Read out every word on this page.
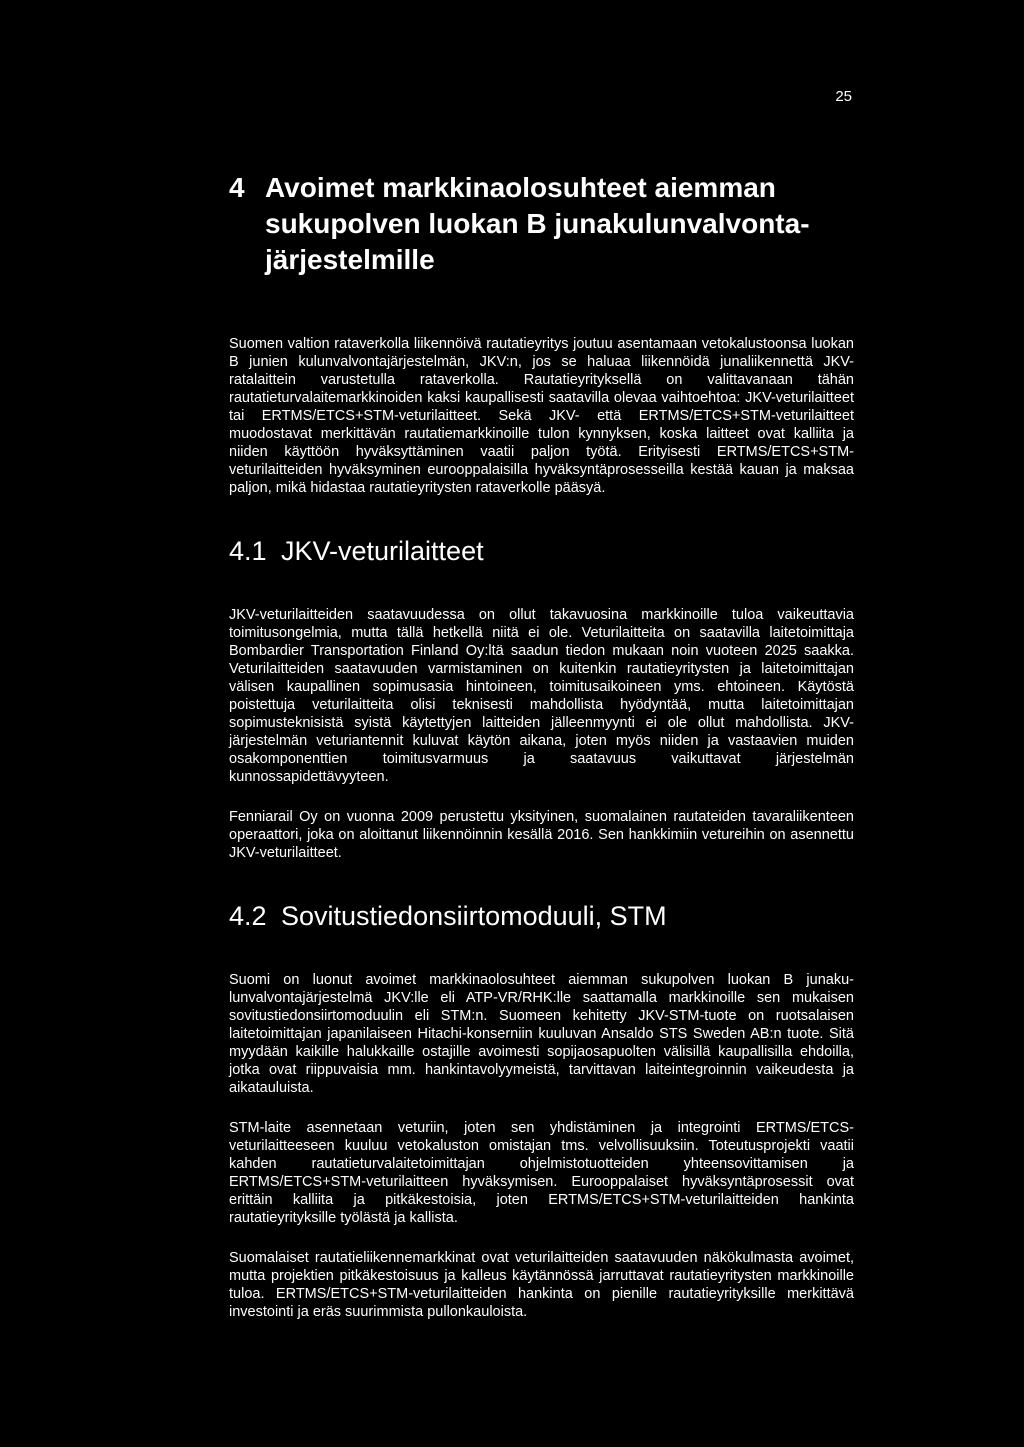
25
4 Avoimet markkinaolosuhteet aiemman sukupolven luokan B junakulunvalvontajärjestelmille

Suomen valtion rataverkolla liikennöivä rautatieyritys joutuu asentamaan vetokalustoonsa luokan B junien kulunvalvontajärjestelmän, JKV:n, jos se haluaa liikennöidä junaliikennettä JKV-ratalaittein varustetulla rataverkolla. Rautatieyrityksellä on valittavanaan tähän rautatieturvalaitemarkkinoiden kaksi kaupallisesti saatavilla olevaa vaihtoehtoa: JKV-veturilaitteet tai ERTMS/ETCS+STM-veturilaitteet. Sekä JKV- että ERTMS/ETCS+STM-veturilaitteet muodostavat merkittävän rautatiemarkkinoille tulon kynnyksen, koska laitteet ovat kalliita ja niiden käyttöön hyväksyttäminen vaatii paljon työtä. Erityisesti ERTMS/ETCS+STM-veturilaitteiden hyväksyminen eurooppalaisilla hyväksyntäprosesseilla kestää kauan ja maksaa paljon, mikä hidastaa rautatieyritysten rataverkolle pääsyä.

4.1 JKV-veturilaitteet

JKV-veturilaitteiden saatavuudessa on ollut takavuosina markkinoille tuloa vaikeuttavia toimitusongelmia, mutta tällä hetkellä niitä ei ole. Veturilaitteita on saatavilla laitetoimittaja Bombardier Transportation Finland Oy:ltä saadun tiedon mukaan noin vuoteen 2025 saakka. Veturilaitteiden saatavuuden varmistaminen on kuitenkin rautatieyritysten ja laitetoimittajan välisen kaupallinen sopimusasia hintoineen, toimitusaikoineen yms. ehtoineen. Käytöstä poistettuja veturilaitteita olisi teknisesti mahdollista hyödyntää, mutta laitetoimittajan sopimusteknisistä syistä käytettyjen laitteiden jälleenmyynti ei ole ollut mahdollista. JKV-järjestelmän veturiantennit kuluvat käytön aikana, joten myös niiden ja vastaavien muiden osakomponenttien toimitusvarmuus ja saatavuus vaikuttavat järjestelmän kunnossapidettävyyteen.

Fenniarail Oy on vuonna 2009 perustettu yksityinen, suomalainen rautateiden tavaraliikenteen operaattori, joka on aloittanut liikennöinnin kesällä 2016. Sen hankkimiin vetureihin on asennettu JKV-veturilaitteet.

4.2 Sovitustiedonsiirtomoduuli, STM

Suomi on luonut avoimet markkinaolosuhteet aiemman sukupolven luokan B junakulunvalvontajärjestelmä JKV:lle eli ATP-VR/RHK:lle saattamalla markkinoille sen mukaisen sovitustiedonsiirtomoduulin eli STM:n. Suomeen kehitetty JKV-STM-tuote on ruotsalaisen laitetoimittajan japanilaiseen Hitachi-konserniin kuuluvan Ansaldo STS Sweden AB:n tuote. Sitä myydään kaikille halukkaille ostajille avoimesti sopijaosapuolten välisillä kaupallisilla ehdoilla, jotka ovat riippuvaisia mm. hankintavolyymeistä, tarvittavan laiteintegroinnin vaikeudesta ja aikatauluista.

STM-laite asennetaan veturiin, joten sen yhdistäminen ja integrointi ERTMS/ETCS-veturilaitteeseen kuuluu vetokaluston omistajan tms. velvollisuuksiin. Toteutusprojekti vaatii kahden rautatieturvalaitetoimittajan ohjelmistotuotteiden yhteensovittamisen ja ERTMS/ETCS+STM-veturilaitteen hyväksymisen. Eurooppalaiset hyväksyntäprosessit ovat erittäin kalliita ja pitkäkestoisia, joten ERTMS/ETCS+STM-veturilaitteiden hankinta rautatieyrityksille työlästä ja kallista.

Suomalaiset rautatieliikennemarkkinat ovat veturilaitteiden saatavuuden näkökulmasta avoimet, mutta projektien pitkäkestoisuus ja kalleus käytännössä jarruttavat rautatieyritysten markkinoille tuloa. ERTMS/ETCS+STM-veturilaitteiden hankinta on pienille rautatieyrityksille merkittävä investointi ja eräs suurimmista pullonkauloista.
